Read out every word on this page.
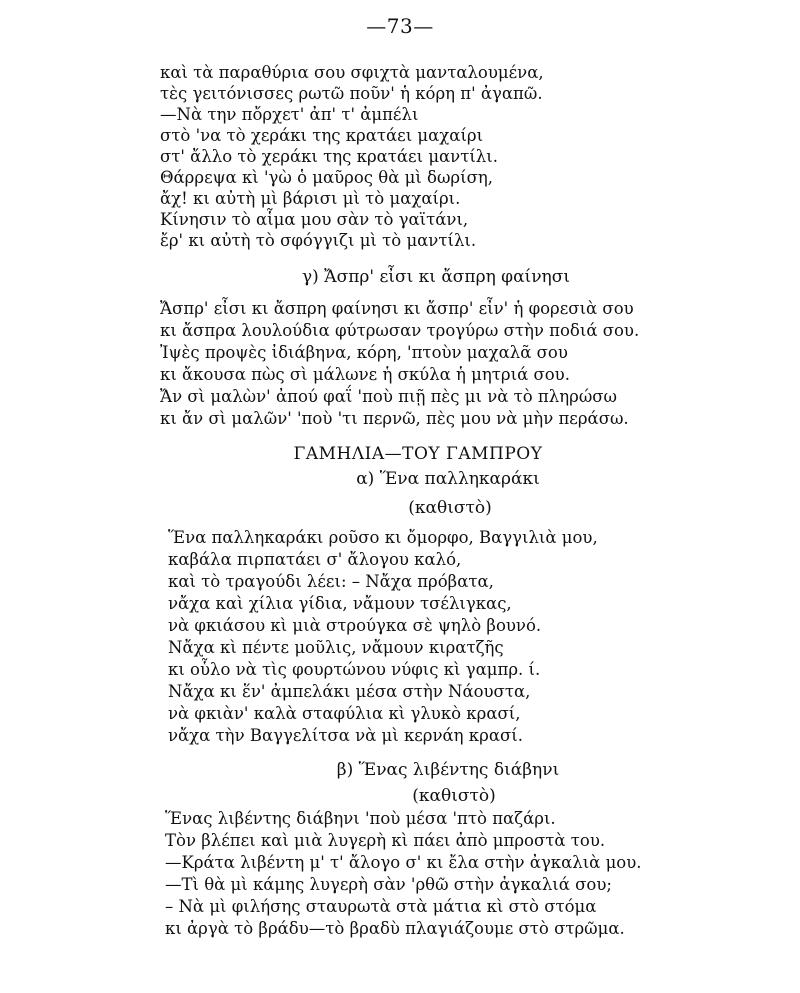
—73—
καὶ τὰ παραθύρια σου σφιχτὰ μανταλουμένα,
τὲς γειτόνισσες ρωτῶ ποῦν' ἡ κόρη π' ἀγαπῶ.
—Νὰ την πὄρχετ' ἀπ' τ' ἀμπέλι
στὸ 'να τὸ χεράκι της κρατάει μαχαίρι
στ' ἄλλο τὸ χεράκι της κρατάει μαντίλι.
Θάρρεψα κὶ 'γὼ ὁ μαῦρος θὰ μὶ δωρίση,
ἄχ! κι αὐτὴ μὶ βάρισι μὶ τὸ μαχαίρι.
Κίνησιν τὸ αἷμα μου σὰν τὸ γαϊτάνι,
ἔρ' κι αὐτὴ τὸ σφόγγιζι μὶ τὸ μαντίλι.
γ) Ἄσπρ' εἶσι κι ἄσπρη φαίνησι
Ἄσπρ' εἶσι κι ἄσπρη φαίνησι κι ἄσπρ' εἶν' ἡ φορεσιὰ σου
κι ἄσπρα λουλούδια φύτρωσαν τρογύρω στὴν ποδιά σου.
Ἰψὲς προψὲς ἰδιάβηνα, κόρη, 'πτοὺν μαχαλᾶ σου
κι ἄκουσα πὼς σὶ μάλωνε ἡ σκύλα ἡ μητριά σου.
Ἄν σὶ μαλὼν' ἀπού φαΐ 'ποὺ πιῇ πὲς μι νὰ τὸ πληρώσω
κι ἄν σὶ μαλῶν' 'ποὺ 'τι περνῶ, πὲς μου νὰ μὴν περάσω.
ΓΑΜΗΛΙΑ—ΤΟΥ ΓΑΜΠΡΟΥ
α) Ἕνα παλληκαράκι
(καθιστὸ)
Ἕνα παλληκαράκι ροῦσο κι ὄμορφο, Βαγγιλιὰ μου,
καβάλα πιρπατάει σ' ἄλογου καλό,
καὶ τὸ τραγούδι λέει: – Νἄχα πρόβατα,
νἄχα καὶ χίλια γίδια, νἄμουν τσέλιγκας,
νὰ φκιάσου κὶ μιὰ στρούγκα σὲ ψηλὸ βουνό.
Νἄχα κὶ πέντε μοῦλις, νἄμουν κιρατζῆς
κι οὗλο νὰ τὶς φουρτώνου νύφις κὶ γαμπρ. ί.
Νἄχα κι ἕν' ἀμπελάκι μέσα στὴν Νάουστα,
νὰ φκιὰν' καλὰ σταφύλια κὶ γλυκὸ κρασί,
νἄχα τὴν Βαγγελίτσα νὰ μὶ κερνάη κρασί.
β) Ἕνας λιβέντης διάβηνι
(καθιστὸ)
Ἕνας λιβέντης διάβηνι 'ποὺ μέσα 'πτὸ παζάρι.
Τὸν βλέπει καὶ μιὰ λυγερὴ κὶ πάει ἀπὸ μπροστὰ του.
—Κράτα λιβέντη μ' τ' ἄλογο σ' κι ἔλα στὴν ἀγκαλιὰ μου.
—Τὶ θὰ μὶ κάμης λυγερὴ σὰν 'ρθῶ στὴν ἀγκαλιά σου;
– Νὰ μὶ φιλήσης σταυρωτὰ στὰ μάτια κὶ στὸ στόμα
κι ἀργὰ τὸ βράδυ—τὸ βραδὺ πλαγιάζουμε στὸ στρῶμα.
